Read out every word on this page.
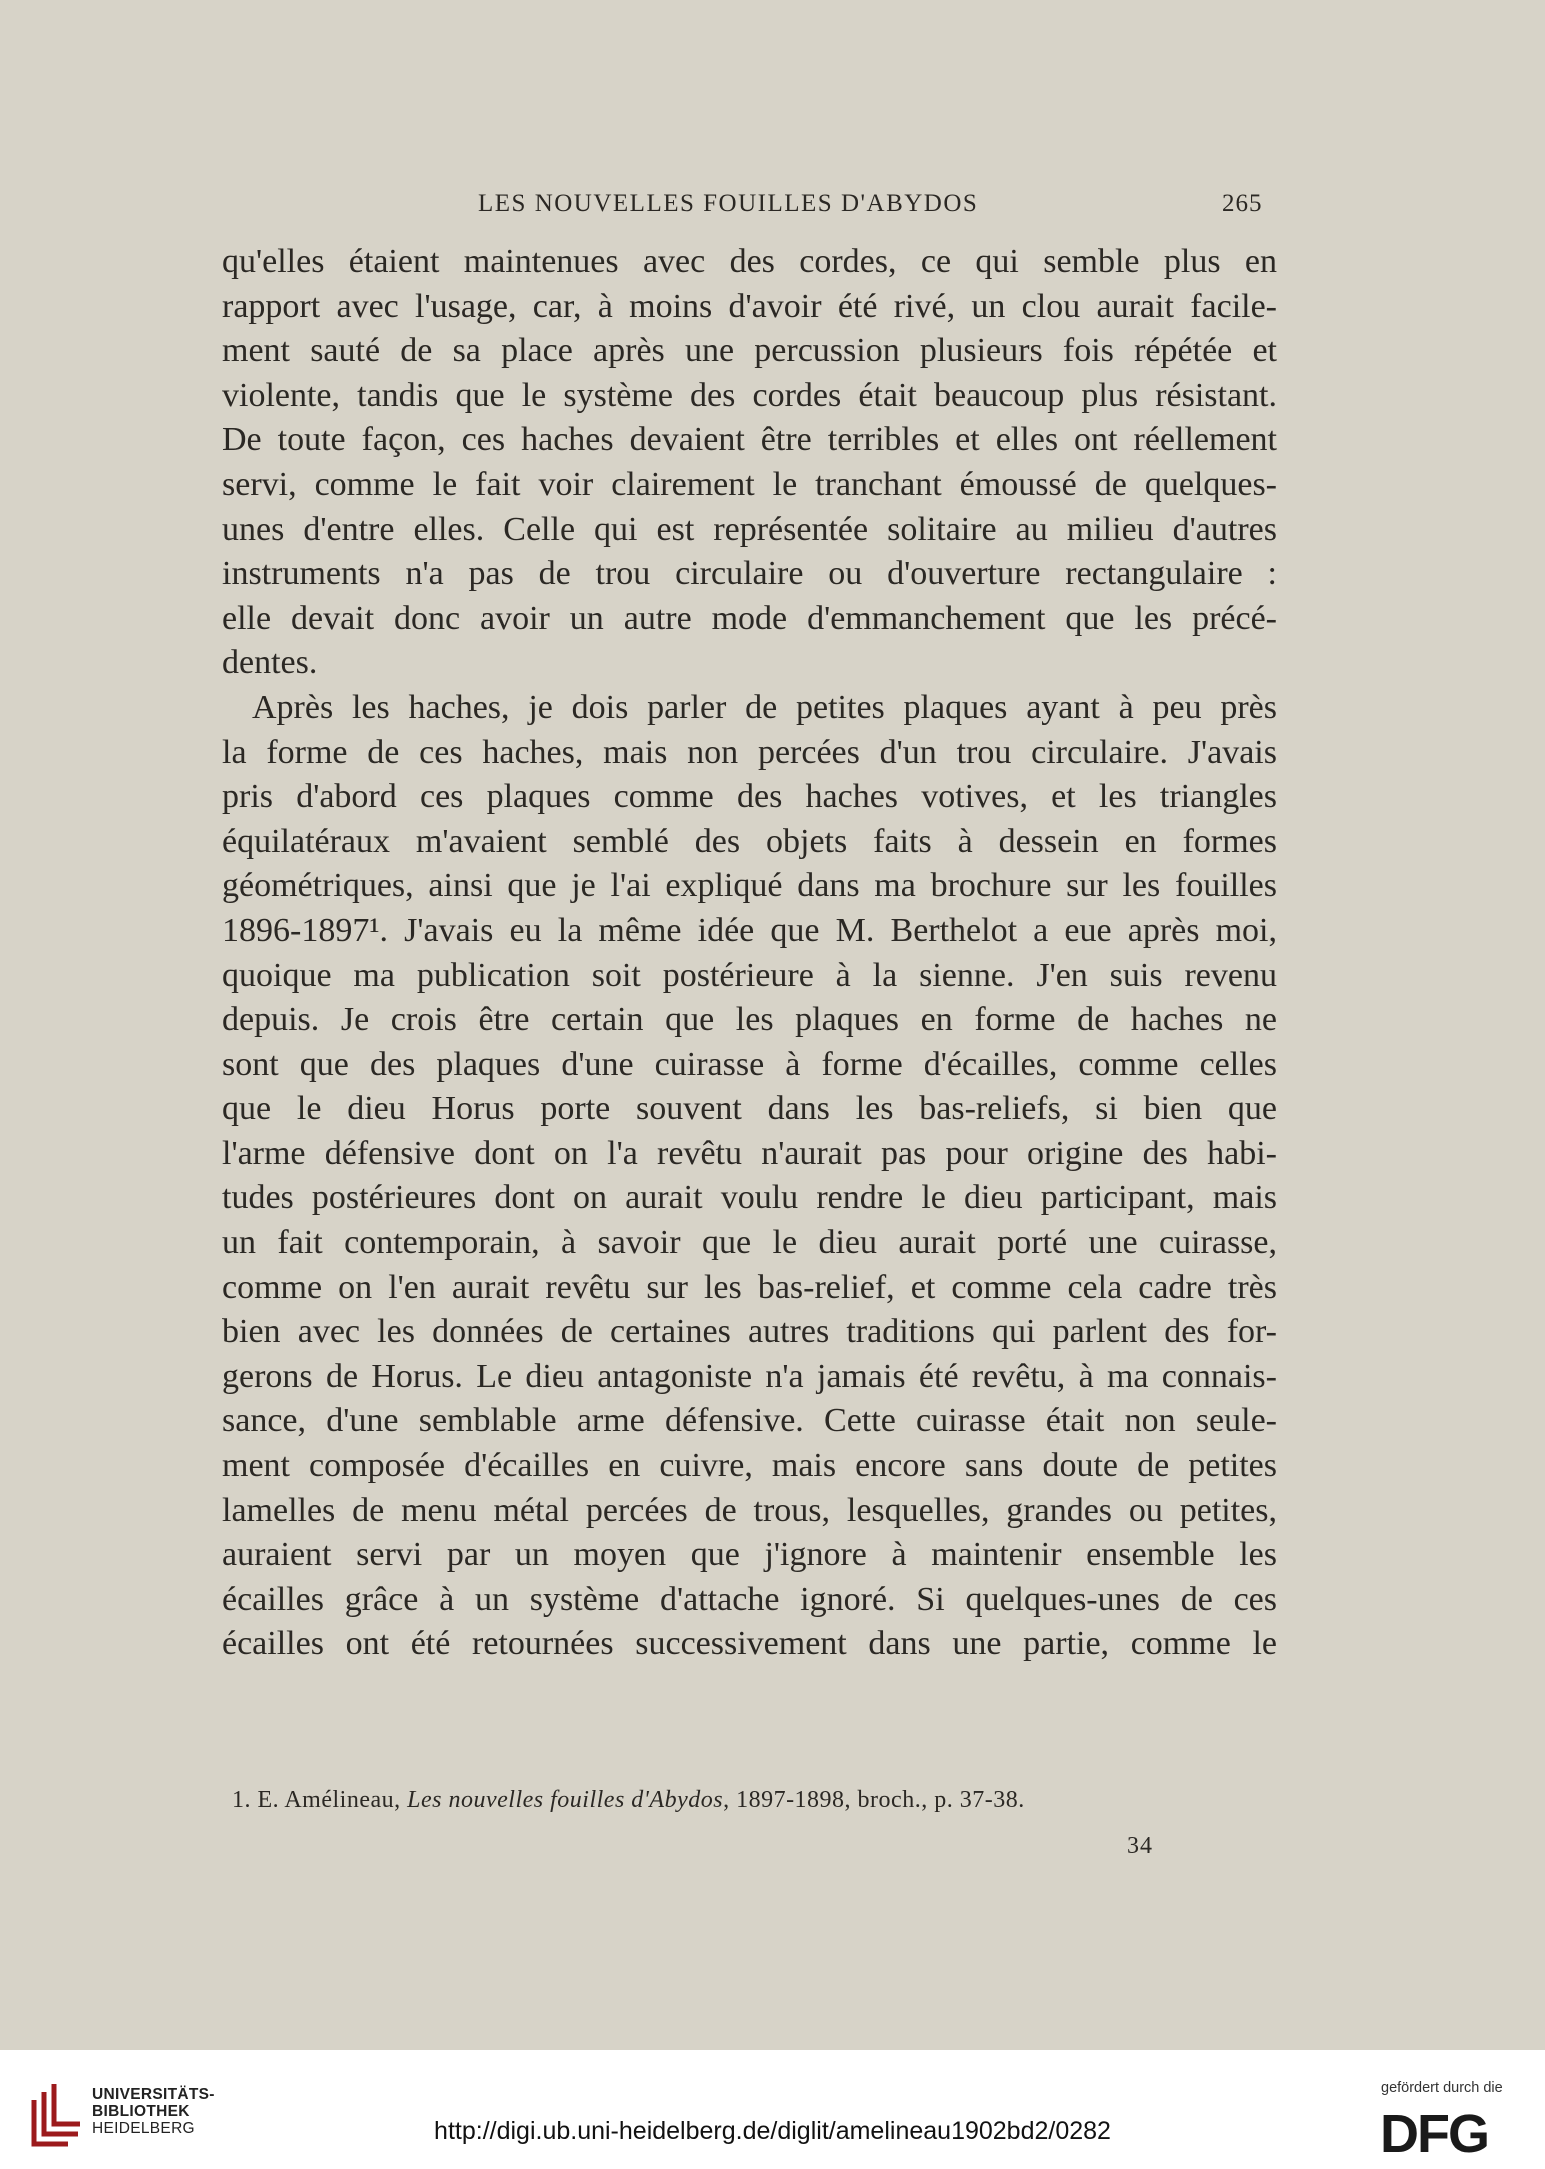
LES NOUVELLES FOUILLES D'ABYDOS	265
qu'elles étaient maintenues avec des cordes, ce qui semble plus en
rapport avec l'usage, car, à moins d'avoir été rivé, un clou aurait facile-
ment sauté de sa place après une percussion plusieurs fois répétée et
violente, tandis que le système des cordes était beaucoup plus résistant.
De toute façon, ces haches devaient être terribles et elles ont réellement
servi, comme le fait voir clairement le tranchant émoussé de quelques-
unes d'entre elles. Celle qui est représentée solitaire au milieu d'autres
instruments n'a pas de trou circulaire ou d'ouverture rectangulaire :
elle devait donc avoir un autre mode d'emmanchement que les précé-
dentes.
Après les haches, je dois parler de petites plaques ayant à peu près
la forme de ces haches, mais non percées d'un trou circulaire. J'avais
pris d'abord ces plaques comme des haches votives, et les triangles
équilatéraux m'avaient semblé des objets faits à dessein en formes
géométriques, ainsi que je l'ai expliqué dans ma brochure sur les fouilles
1896-1897¹. J'avais eu la même idée que M. Berthelot a eue après moi,
quoique ma publication soit postérieure à la sienne. J'en suis revenu
depuis. Je crois être certain que les plaques en forme de haches ne
sont que des plaques d'une cuirasse à forme d'écailles, comme celles
que le dieu Horus porte souvent dans les bas-reliefs, si bien que
l'arme défensive dont on l'a revêtu n'aurait pas pour origine des habi-
tudes postérieures dont on aurait voulu rendre le dieu participant, mais
un fait contemporain, à savoir que le dieu aurait porté une cuirasse,
comme on l'en aurait revêtu sur les bas-relief, et comme cela cadre très
bien avec les données de certaines autres traditions qui parlent des for-
gerons de Horus. Le dieu antagoniste n'a jamais été revêtu, à ma connais-
sance, d'une semblable arme défensive. Cette cuirasse était non seule-
ment composée d'écailles en cuivre, mais encore sans doute de petites
lamelles de menu métal percées de trous, lesquelles, grandes ou petites,
auraient servi par un moyen que j'ignore à maintenir ensemble les
écailles grâce à un système d'attache ignoré. Si quelques-unes de ces
écailles ont été retournées successivement dans une partie, comme le
1. E. Amélineau, Les nouvelles fouilles d'Abydos, 1897-1898, broch., p. 37-38.
34
UNIVERSITÄTS-
BIBLIOTHEK
HEIDELBERG	http://digi.ub.uni-heidelberg.de/diglit/amelineau1902bd2/0282
gefördert durch die
DFG
